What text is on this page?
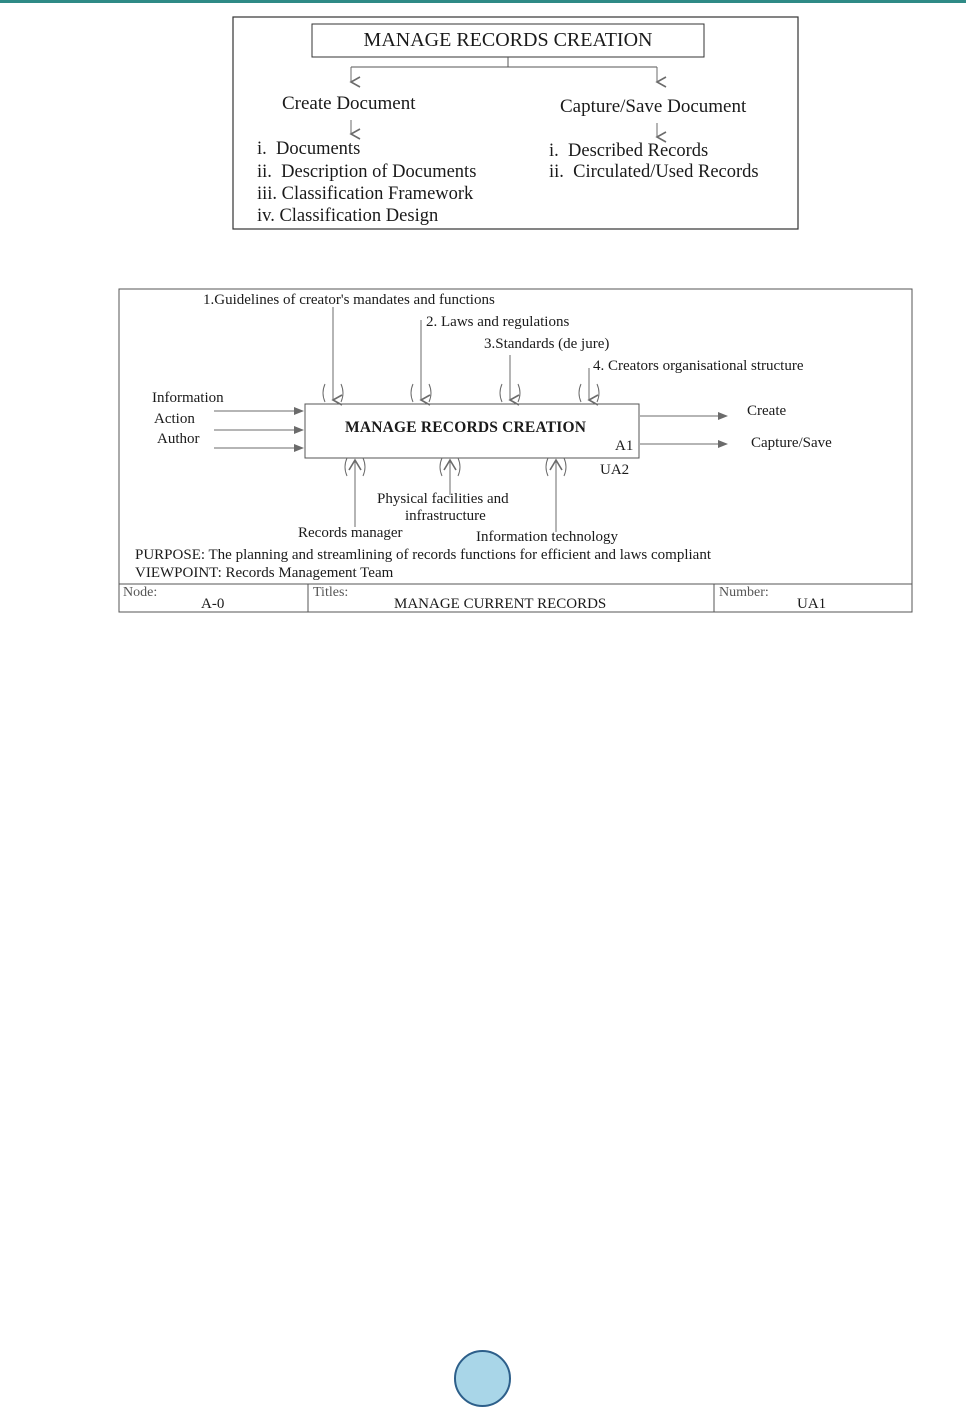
MANAGE RECORDS CREATION
Create Document	Capture/Save Document
i.  Documents
ii.  Description of Documents
iii. Classification Framework
iv. Classification Design
i.  Described Records
ii.  Circulated/Used Records
1.Guidelines of creator's mandates and functions
2. Laws and regulations
3.Standards (de jure)
4. Creators organisational structure
Information
Action
Author
MANAGE RECORDS CREATION
A1
UA2
Create
Capture/Save
Physical facilities and
infrastructure
Records manager	Information technology
PURPOSE: The planning and streamlining of records functions for efficient and laws compliant
VIEWPOINT: Records Management Team
Node:
A-0
Titles:
MANAGE CURRENT RECORDS
Number:
UA1
